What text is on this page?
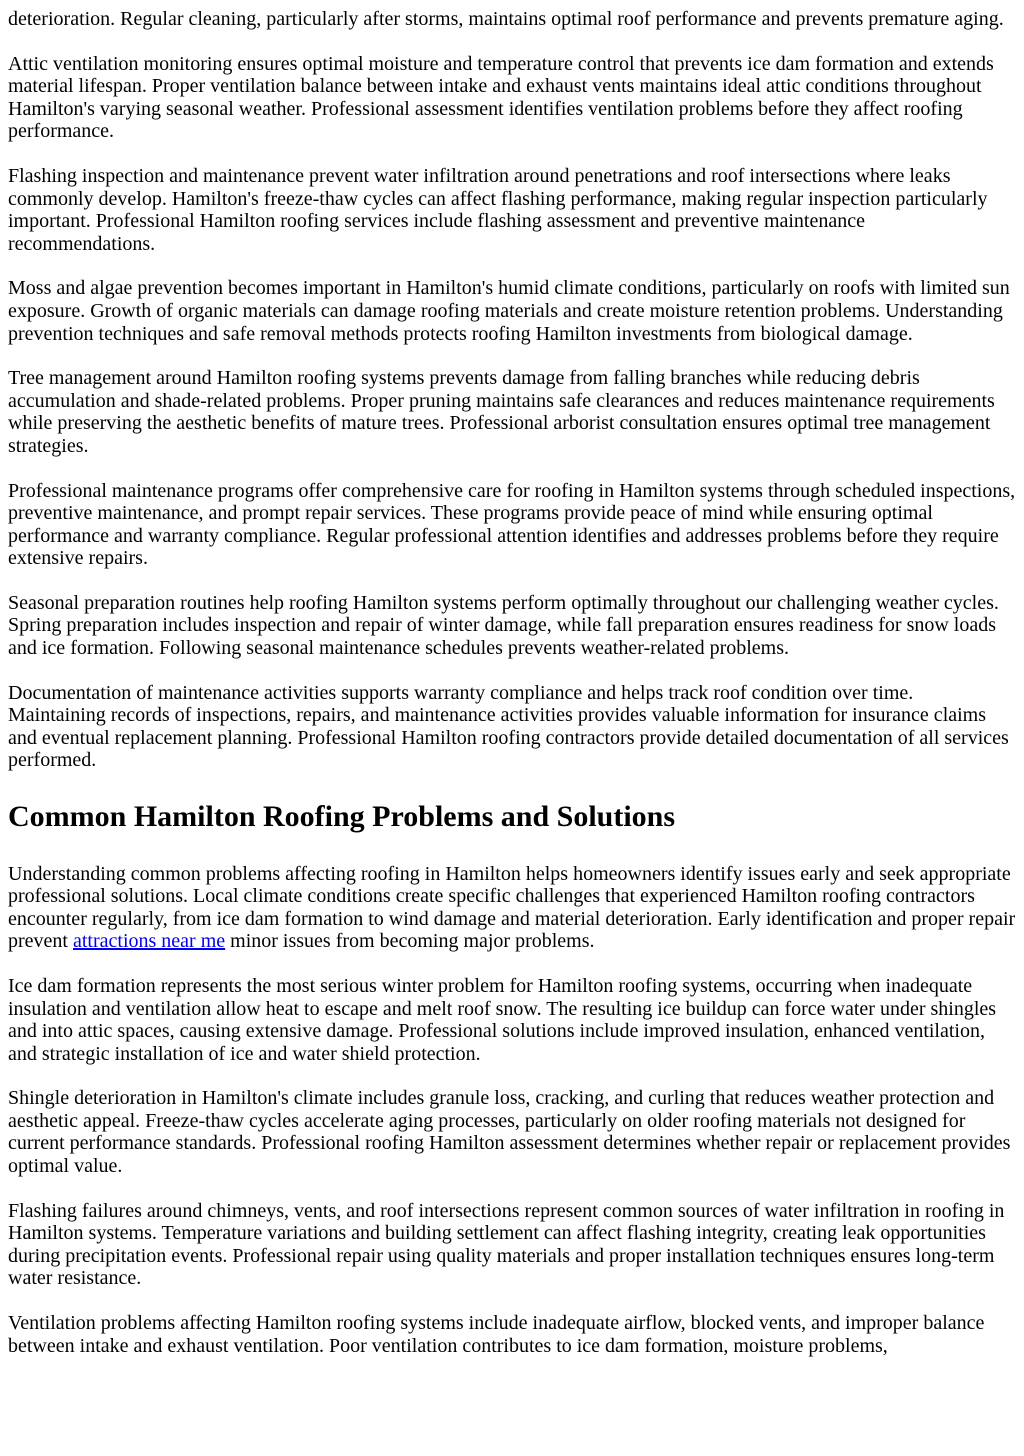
deterioration. Regular cleaning, particularly after storms, maintains optimal roof performance and prevents premature aging.

Attic ventilation monitoring ensures optimal moisture and temperature control that prevents ice dam formation and extends material lifespan. Proper ventilation balance between intake and exhaust vents maintains ideal attic conditions throughout Hamilton's varying seasonal weather. Professional assessment identifies ventilation problems before they affect roofing performance.

Flashing inspection and maintenance prevent water infiltration around penetrations and roof intersections where leaks commonly develop. Hamilton's freeze-thaw cycles can affect flashing performance, making regular inspection particularly important. Professional Hamilton roofing services include flashing assessment and preventive maintenance recommendations.

Moss and algae prevention becomes important in Hamilton's humid climate conditions, particularly on roofs with limited sun exposure. Growth of organic materials can damage roofing materials and create moisture retention problems. Understanding prevention techniques and safe removal methods protects roofing Hamilton investments from biological damage.

Tree management around Hamilton roofing systems prevents damage from falling branches while reducing debris accumulation and shade-related problems. Proper pruning maintains safe clearances and reduces maintenance requirements while preserving the aesthetic benefits of mature trees. Professional arborist consultation ensures optimal tree management strategies.

Professional maintenance programs offer comprehensive care for roofing in Hamilton systems through scheduled inspections, preventive maintenance, and prompt repair services. These programs provide peace of mind while ensuring optimal performance and warranty compliance. Regular professional attention identifies and addresses problems before they require extensive repairs.

Seasonal preparation routines help roofing Hamilton systems perform optimally throughout our challenging weather cycles. Spring preparation includes inspection and repair of winter damage, while fall preparation ensures readiness for snow loads and ice formation. Following seasonal maintenance schedules prevents weather-related problems.

Documentation of maintenance activities supports warranty compliance and helps track roof condition over time. Maintaining records of inspections, repairs, and maintenance activities provides valuable information for insurance claims and eventual replacement planning. Professional Hamilton roofing contractors provide detailed documentation of all services performed.

Common Hamilton Roofing Problems and Solutions

Understanding common problems affecting roofing in Hamilton helps homeowners identify issues early and seek appropriate professional solutions. Local climate conditions create specific challenges that experienced Hamilton roofing contractors encounter regularly, from ice dam formation to wind damage and material deterioration. Early identification and proper repair prevent attractions near me minor issues from becoming major problems.

Ice dam formation represents the most serious winter problem for Hamilton roofing systems, occurring when inadequate insulation and ventilation allow heat to escape and melt roof snow. The resulting ice buildup can force water under shingles and into attic spaces, causing extensive damage. Professional solutions include improved insulation, enhanced ventilation, and strategic installation of ice and water shield protection.

Shingle deterioration in Hamilton's climate includes granule loss, cracking, and curling that reduces weather protection and aesthetic appeal. Freeze-thaw cycles accelerate aging processes, particularly on older roofing materials not designed for current performance standards. Professional roofing Hamilton assessment determines whether repair or replacement provides optimal value.

Flashing failures around chimneys, vents, and roof intersections represent common sources of water infiltration in roofing in Hamilton systems. Temperature variations and building settlement can affect flashing integrity, creating leak opportunities during precipitation events. Professional repair using quality materials and proper installation techniques ensures long-term water resistance.

Ventilation problems affecting Hamilton roofing systems include inadequate airflow, blocked vents, and improper balance between intake and exhaust ventilation. Poor ventilation contributes to ice dam formation, moisture problems,
